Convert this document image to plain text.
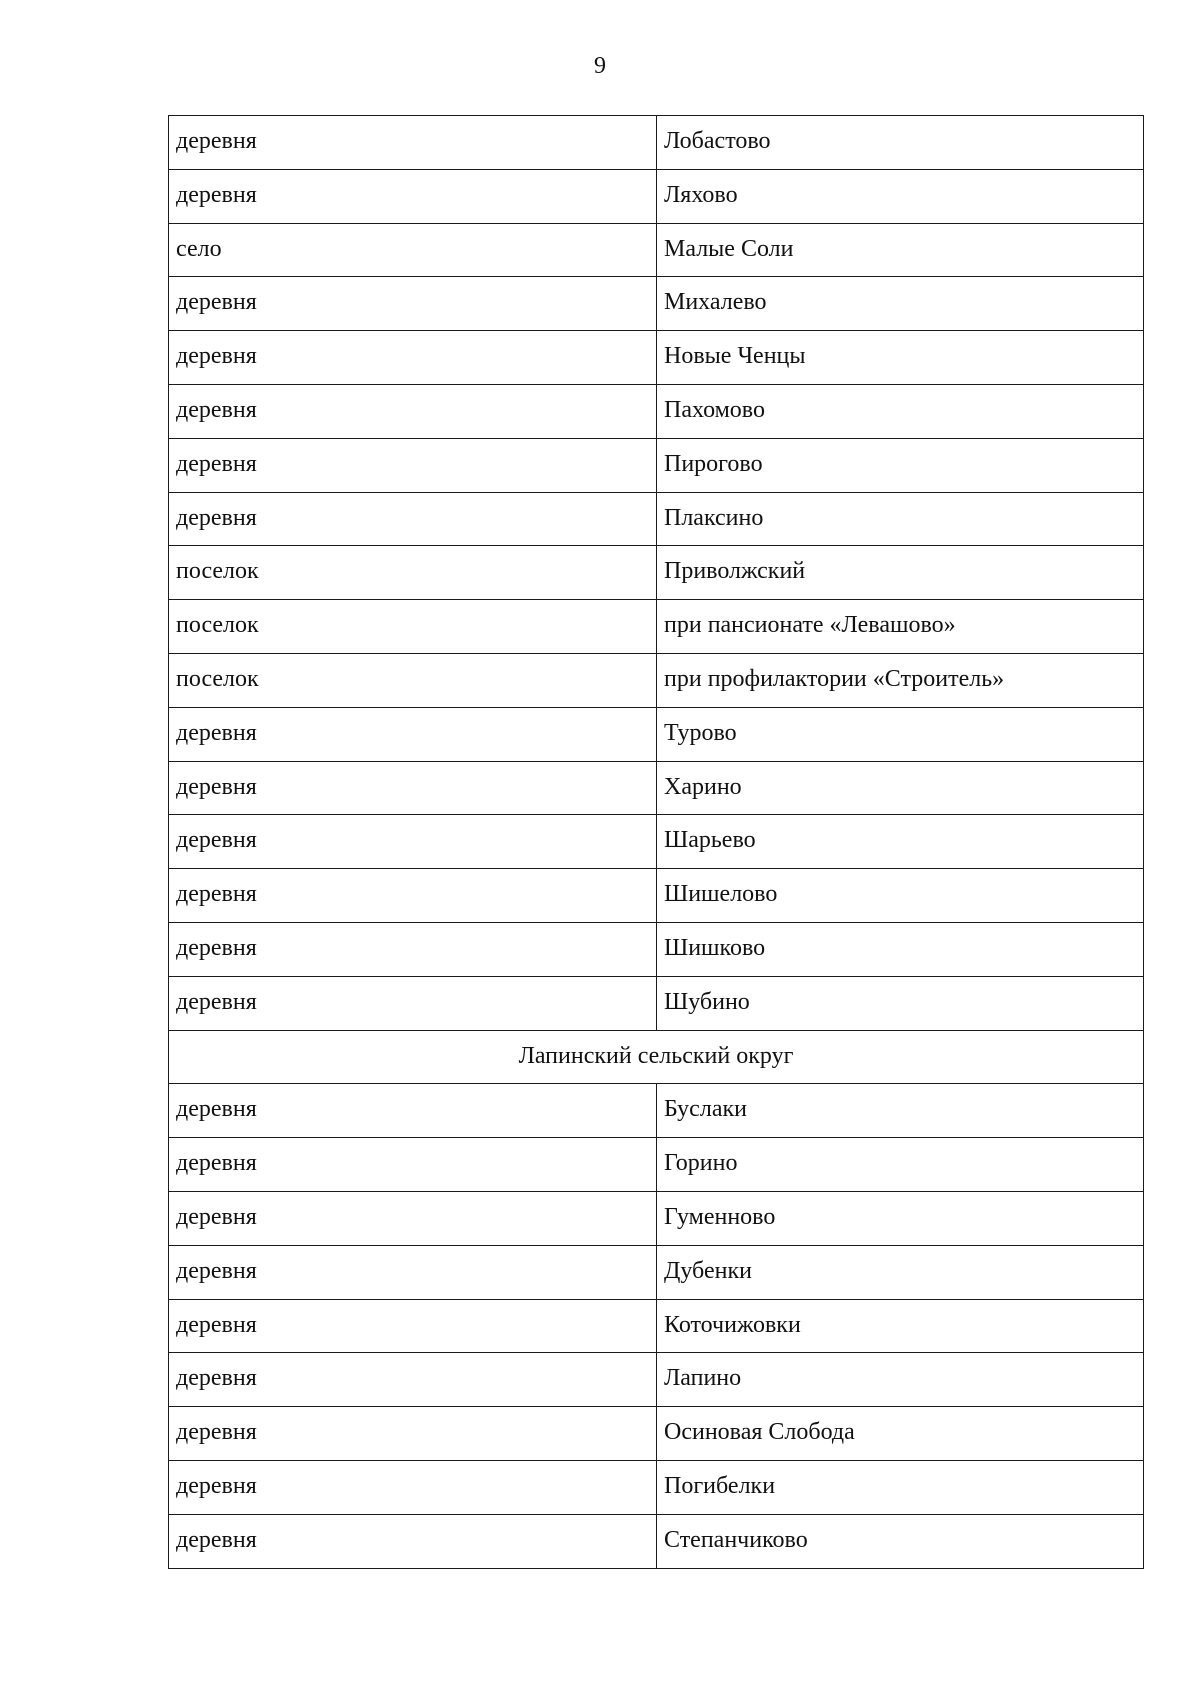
9
деревня	Лобастово
деревня	Ляхово
село	Малые Соли
деревня	Михалево
деревня	Новые Ченцы
деревня	Пахомово
деревня	Пирогово
деревня	Плаксино
поселок	Приволжский
поселок	при пансионате «Левашово»
поселок	при профилактории «Строитель»
деревня	Турово
деревня	Харино
деревня	Шарьево
деревня	Шишелово
деревня	Шишково
деревня	Шубино
Лапинский сельский округ	
деревня	Буслаки
деревня	Горино
деревня	Гуменново
деревня	Дубенки
деревня	Коточижовки
деревня	Лапино
деревня	Осиновая Слобода
деревня	Погибелки
деревня	Степанчиково
